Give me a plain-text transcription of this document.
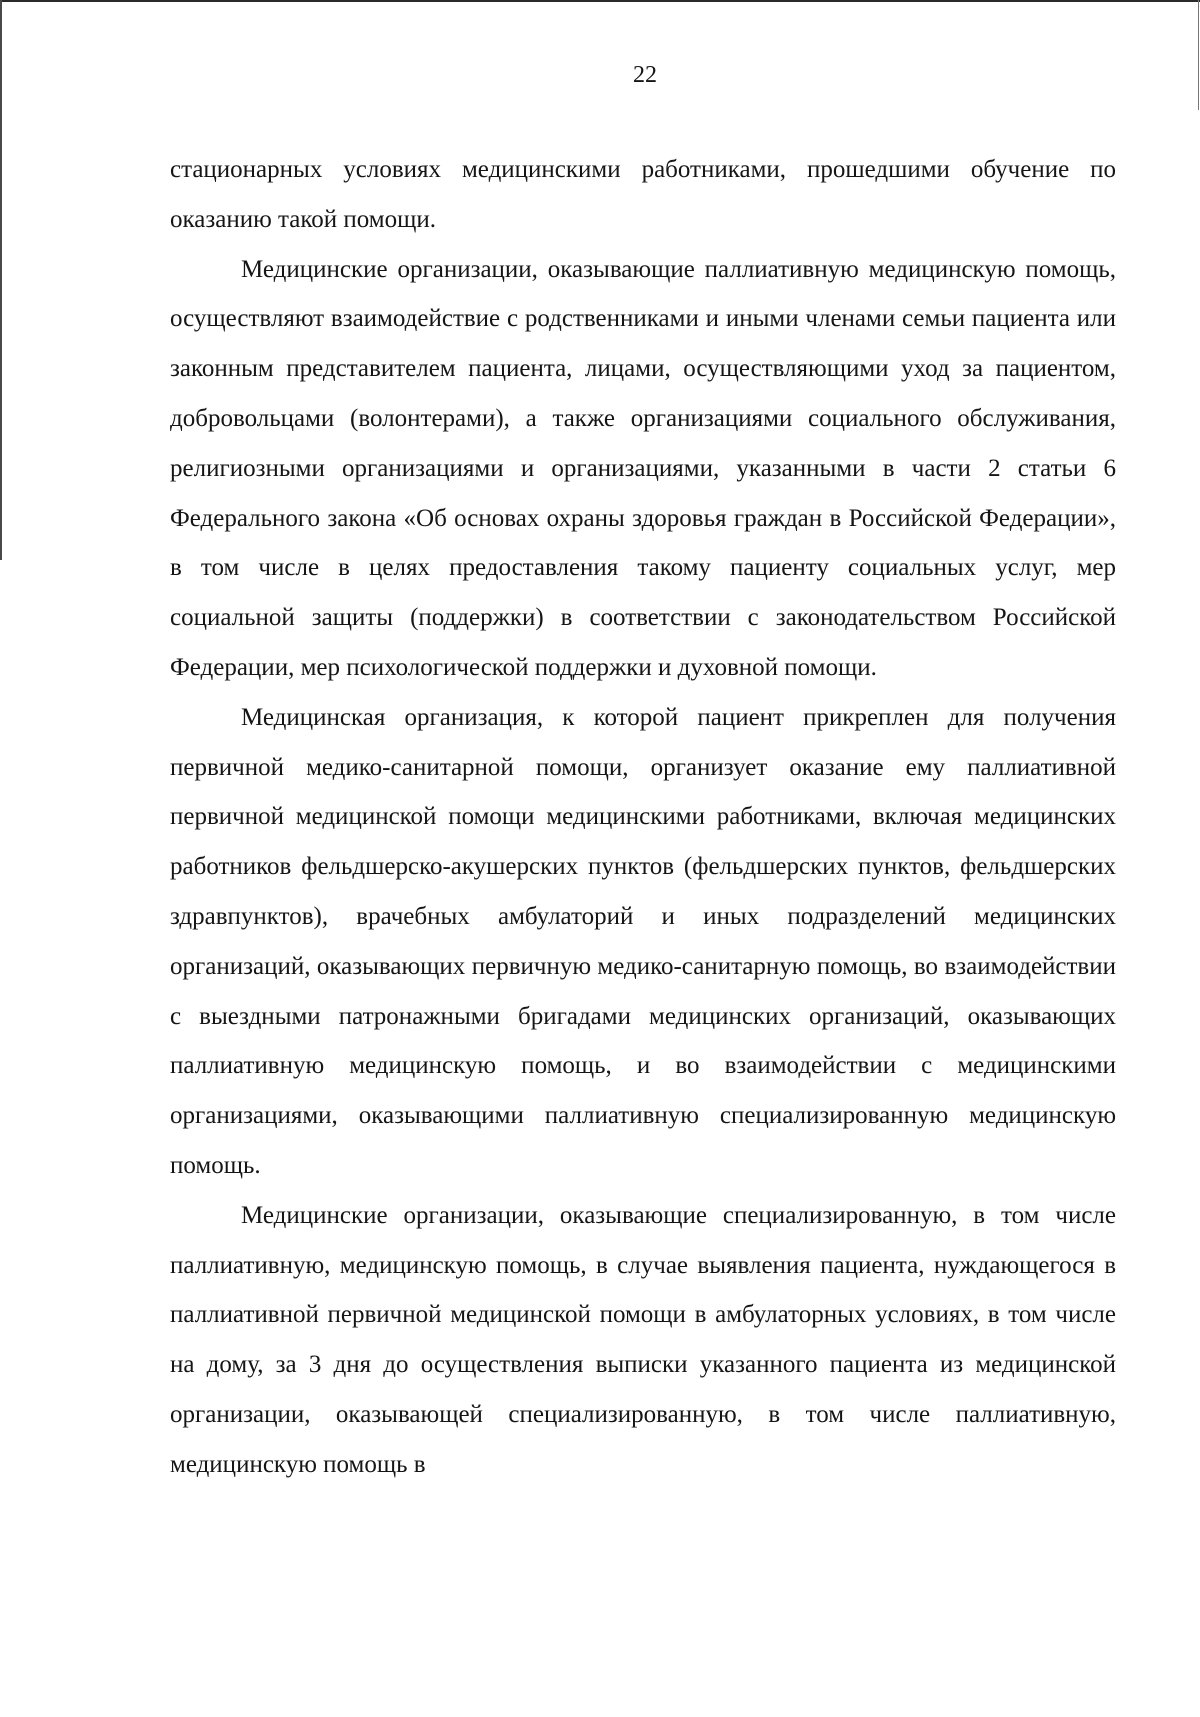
22

стационарных условиях медицинскими работниками, прошедшими обучение по оказанию такой помощи.

Медицинские организации, оказывающие паллиативную медицинскую помощь, осуществляют взаимодействие с родственниками и иными членами семьи пациента или законным представителем пациента, лицами, осуществляющими уход за пациентом, добровольцами (волонтерами), а также организациями социального обслуживания, религиозными организациями и организациями, указанными в части 2 статьи 6 Федерального закона «Об основах охраны здоровья граждан в Российской Федерации», в том числе в целях предоставления такому пациенту социальных услуг, мер социальной защиты (поддержки) в соответствии с законодательством Российской Федерации, мер психологической поддержки и духовной помощи.

Медицинская организация, к которой пациент прикреплен для получения первичной медико-санитарной помощи, организует оказание ему паллиативной первичной медицинской помощи медицинскими работниками, включая медицинских работников фельдшерско-акушерских пунктов (фельдшерских пунктов, фельдшерских здравпунктов), врачебных амбулаторий и иных подразделений медицинских организаций, оказывающих первичную медико-санитарную помощь, во взаимодействии с выездными патронажными бригадами медицинских организаций, оказывающих паллиативную медицинскую помощь, и во взаимодействии с медицинскими организациями, оказывающими паллиативную специализированную медицинскую помощь.

Медицинские организации, оказывающие специализированную, в том числе паллиативную, медицинскую помощь, в случае выявления пациента, нуждающегося в паллиативной первичной медицинской помощи в амбулаторных условиях, в том числе на дому, за 3 дня до осуществления выписки указанного пациента из медицинской организации, оказывающей специализированную, в том числе паллиативную, медицинскую помощь в
